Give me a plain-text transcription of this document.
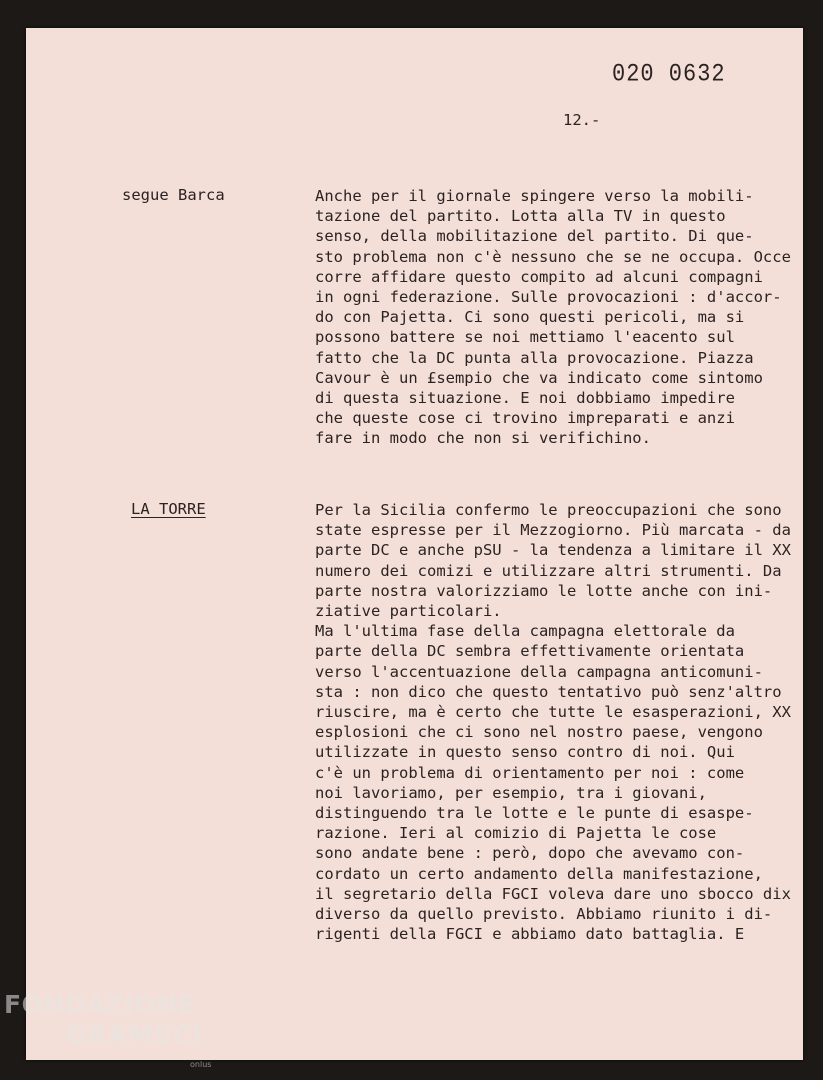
020 0632
12.-
segue Barca	Anche per il giornale spingere verso la mobili-
tazione del partito. Lotta alla TV in questo
senso, della mobilitazione del partito. Di que-
sto problema non c'è nessuno che se ne occupa. Occe
corre affidare questo compito ad alcuni compagni
in ogni federazione. Sulle provocazioni : d'accor-
do con Pajetta. Ci sono questi pericoli, ma si
possono battere se noi mettiamo l'eacento sul
fatto che la DC punta alla provocazione. Piazza
Cavour è un £sempio che va indicato come sintomo
di questa situazione. E noi dobbiamo impedire
che queste cose ci trovino impreparati e anzi
fare in modo che non si verifichino.
LA TORRE	Per la Sicilia confermo le preoccupazioni che sono
state espresse per il Mezzogiorno. Più marcata - da
parte DC e anche pSU - la tendenza a limitare il XX
numero dei comizi e utilizzare altri strumenti. Da
parte nostra valorizziamo le lotte anche con ini-
ziative particolari.
Ma l'ultima fase della campagna elettorale da
parte della DC sembra effettivamente orientata
verso l'accentuazione della campagna anticomuni-
sta : non dico che questo tentativo può senz'altro
riuscire, ma è certo che tutte le esasperazioni, XX
esplosioni che ci sono nel nostro paese, vengono
utilizzate in questo senso contro di noi. Qui
c'è un problema di orientamento per noi : come
noi lavoriamo, per esempio, tra i giovani,
distinguendo tra le lotte e le punte di esaspe-
razione. Ieri al comizio di Pajetta le cose
sono andate bene : però, dopo che avevamo con-
cordato un certo andamento della manifestazione,
il segretario della FGCI voleva dare uno sbocco dix
diverso da quello previsto. Abbiamo riunito i di-
rigenti della FGCI e abbiamo dato battaglia. E
FONDAZIONE
GRAMSCI
onlus
